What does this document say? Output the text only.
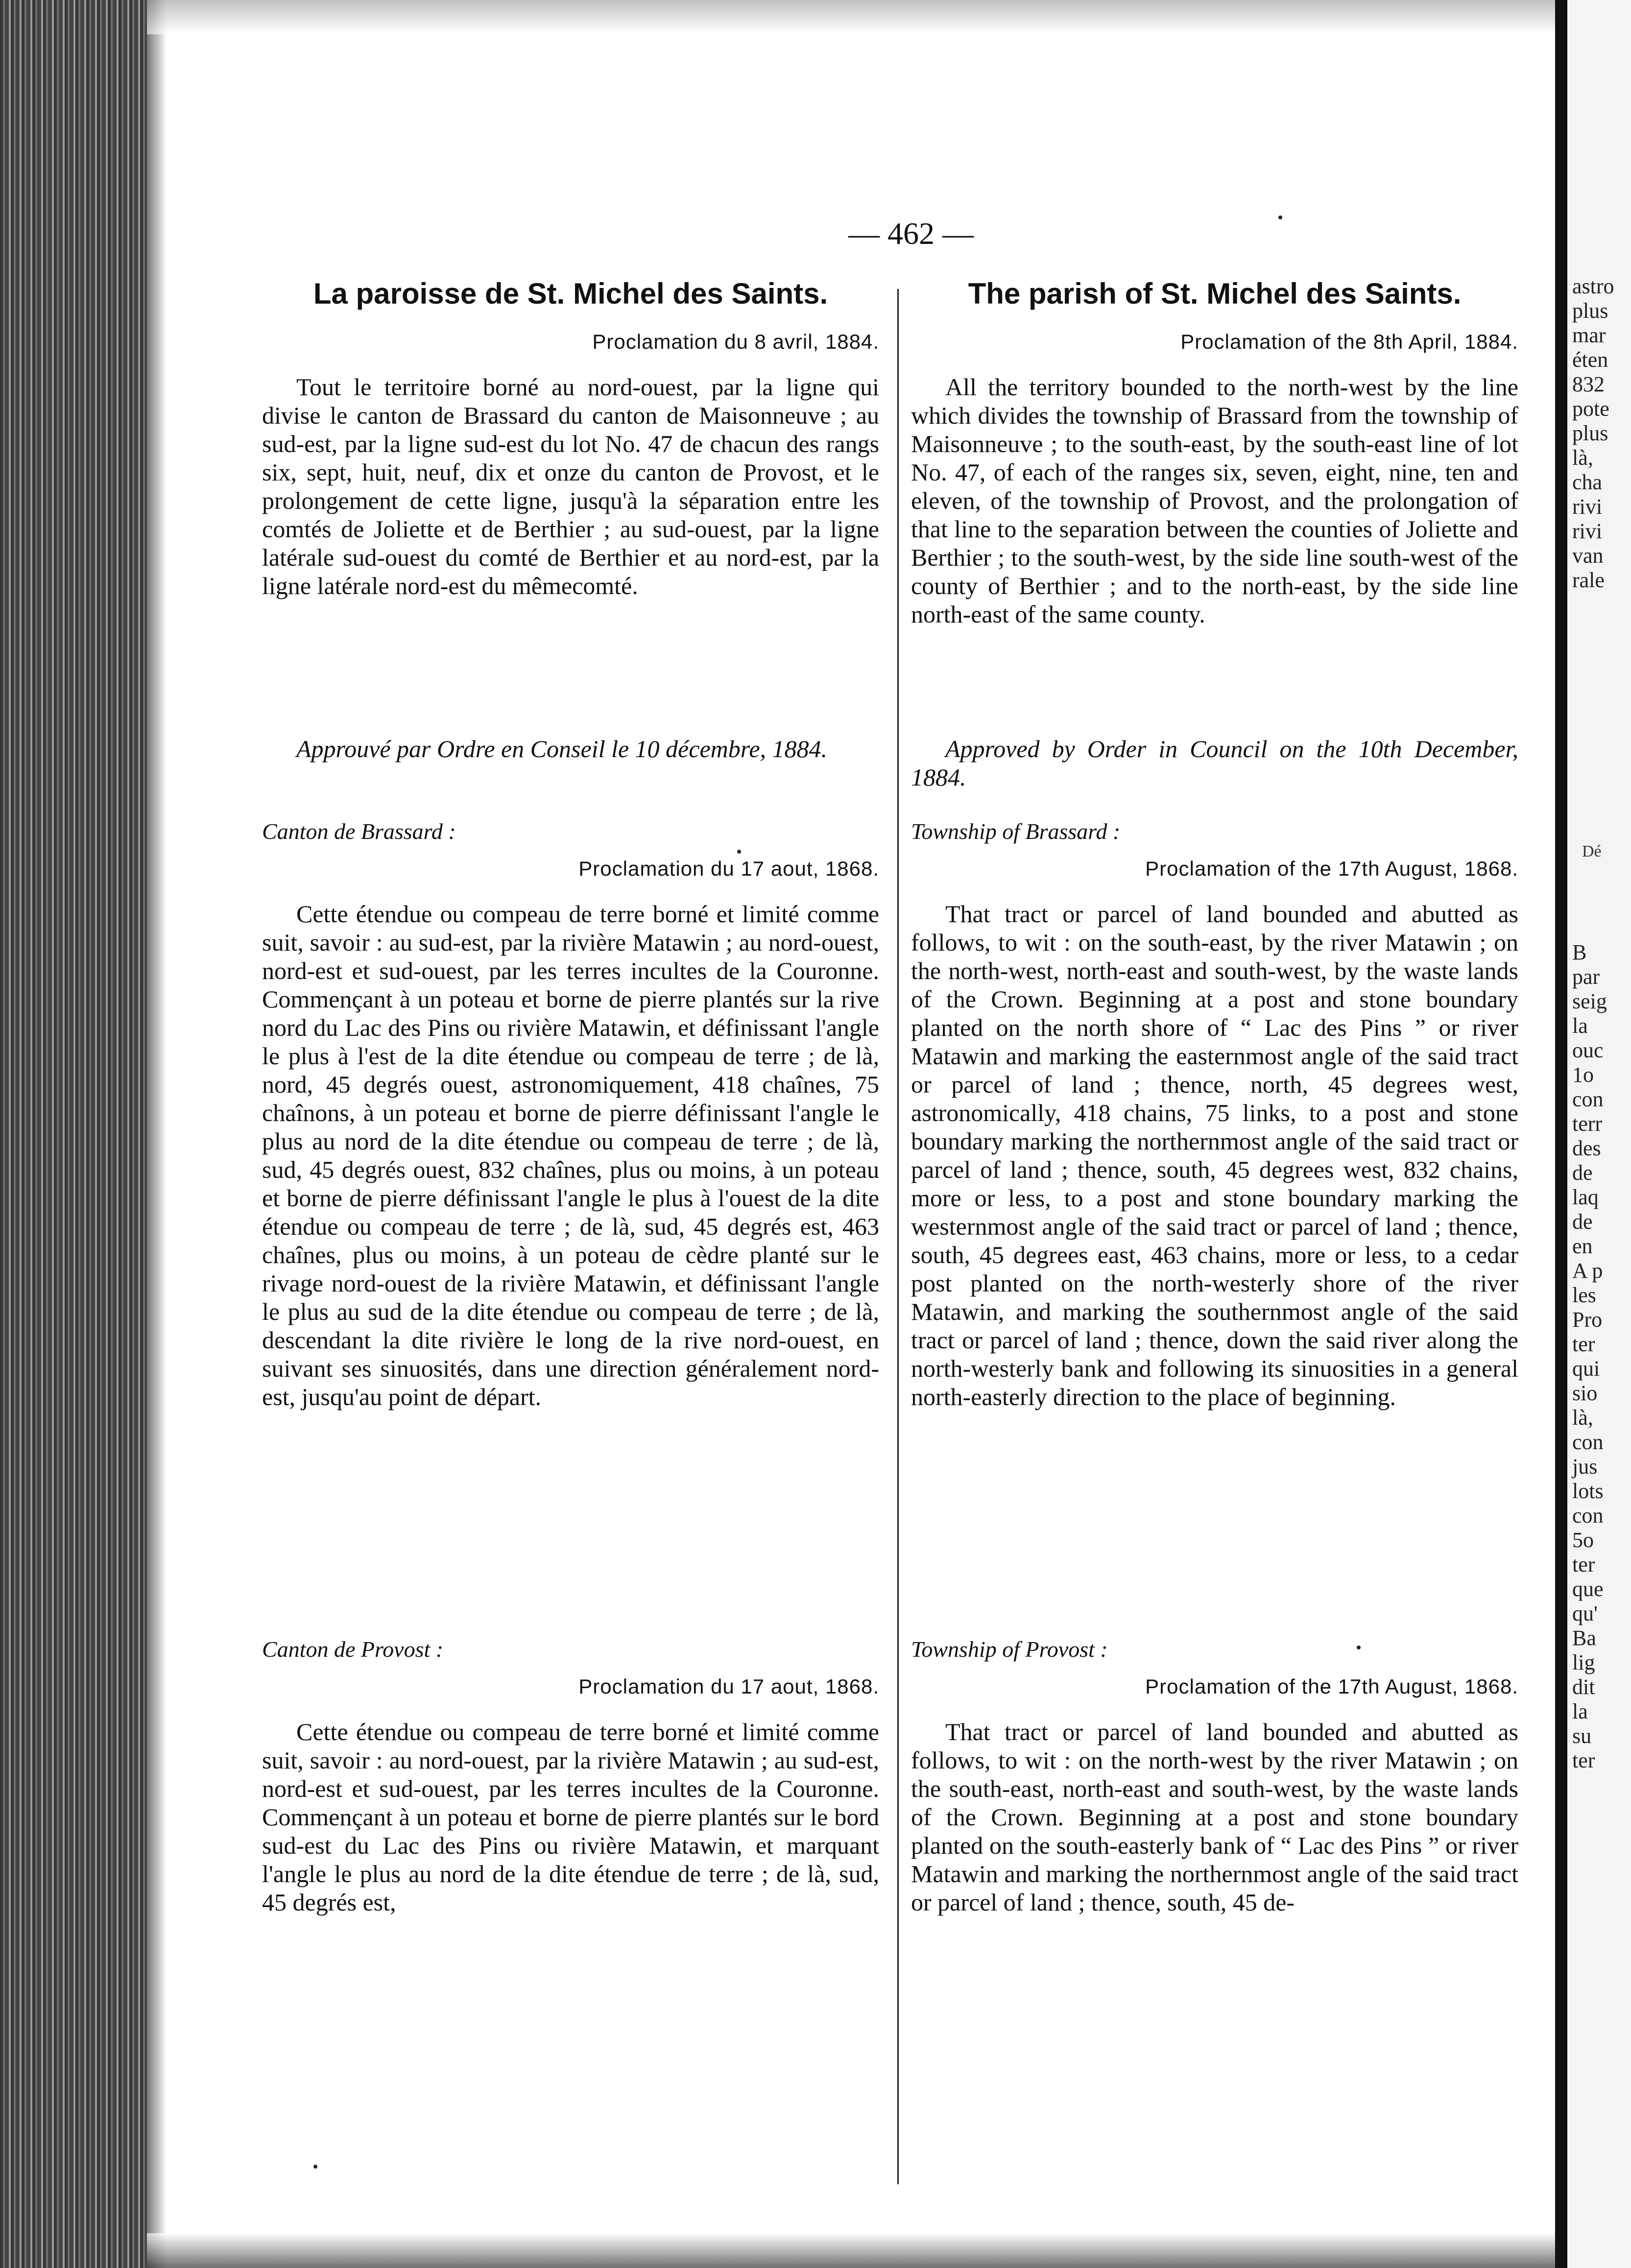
astro
plus
mar
éten
832
pote
plus
là,
cha
rivi
rivi
van
rale
Dé
B
par
seig
la
ouc
1o
con
terr
des
de
laq
de
en
A p
les
Pro
ter
qui
sio
là,
con
jus
lots
con
5o
ter
que
qu'
Ba
lig
dit
la
su
ter
— 462 —
La paroisse de St. Michel des Saints.
Proclamation du 8 avril, 1884.

Tout le territoire borné au nord-ouest, par la ligne qui divise le canton de Brassard du canton de Maisonneuve ; au sud-est, par la ligne sud-est du lot No. 47 de chacun des rangs six, sept, huit, neuf, dix et onze du canton de Provost, et le prolongement de cette ligne, jusqu'à la séparation entre les comtés de Joliette et de Berthier ; au sud-ouest, par la ligne latérale sud-ouest du comté de Berthier et au nord-est, par la ligne latérale nord-est du mêmecomté.

Approuvé par Ordre en Conseil le 10 décembre, 1884.

Canton de Brassard :
Proclamation du 17 aout, 1868.

Cette étendue ou compeau de terre borné et limité comme suit, savoir : au sud-est, par la rivière Matawin ; au nord-ouest, nord-est et sud-ouest, par les terres incultes de la Couronne. Commençant à un poteau et borne de pierre plantés sur la rive nord du Lac des Pins ou rivière Matawin, et définissant l'angle le plus à l'est de la dite étendue ou compeau de terre ; de là, nord, 45 degrés ouest, astronomiquement, 418 chaînes, 75 chaînons, à un poteau et borne de pierre définissant l'angle le plus au nord de la dite étendue ou compeau de terre ; de là, sud, 45 degrés ouest, 832 chaînes, plus ou moins, à un poteau et borne de pierre définissant l'angle le plus à l'ouest de la dite étendue ou compeau de terre ; de là, sud, 45 degrés est, 463 chaînes, plus ou moins, à un poteau de cèdre planté sur le rivage nord-ouest de la rivière Matawin, et définissant l'angle le plus au sud de la dite étendue ou compeau de terre ; de là, descendant la dite rivière le long de la rive nord-ouest, en suivant ses sinuosités, dans une direction généralement nord-est, jusqu'au point de départ.

Canton de Provost :
Proclamation du 17 aout, 1868.

Cette étendue ou compeau de terre borné et limité comme suit, savoir : au nord-ouest, par la rivière Matawin ; au sud-est, nord-est et sud-ouest, par les terres incultes de la Couronne. Commençant à un poteau et borne de pierre plantés sur le bord sud-est du Lac des Pins ou rivière Matawin, et marquant l'angle le plus au nord de la dite étendue de terre ; de là, sud, 45 degrés est,

The parish of St. Michel des Saints.
Proclamation of the 8th April, 1884.

All the territory bounded to the north-west by the line which divides the township of Brassard from the township of Maisonneuve ; to the south-east, by the south-east line of lot No. 47, of each of the ranges six, seven, eight, nine, ten and eleven, of the township of Provost, and the prolongation of that line to the separation between the counties of Joliette and Berthier ; to the south-west, by the side line south-west of the county of Berthier ; and to the north-east, by the side line north-east of the same county.

Approved by Order in Council on the 10th December, 1884.

Township of Brassard :
Proclamation of the 17th August, 1868.

That tract or parcel of land bounded and abutted as follows, to wit : on the south-east, by the river Matawin ; on the north-west, north-east and south-west, by the waste lands of the Crown. Beginning at a post and stone boundary planted on the north shore of “ Lac des Pins ” or river Matawin and marking the easternmost angle of the said tract or parcel of land ; thence, north, 45 degrees west, astronomically, 418 chains, 75 links, to a post and stone boundary marking the northernmost angle of the said tract or parcel of land ; thence, south, 45 degrees west, 832 chains, more or less, to a post and stone boundary marking the westernmost angle of the said tract or parcel of land ; thence, south, 45 degrees east, 463 chains, more or less, to a cedar post planted on the north-westerly shore of the river Matawin, and marking the southernmost angle of the said tract or parcel of land ; thence, down the said river along the north-westerly bank and following its sinuosities in a general north-easterly direction to the place of beginning.

Township of Provost :
Proclamation of the 17th August, 1868.

That tract or parcel of land bounded and abutted as follows, to wit : on the north-west by the river Matawin ; on the south-east, north-east and south-west, by the waste lands of the Crown. Beginning at a post and stone boundary planted on the south-easterly bank of “ Lac des Pins ” or river Matawin and marking the northernmost angle of the said tract or parcel of land ; thence, south, 45 de-
